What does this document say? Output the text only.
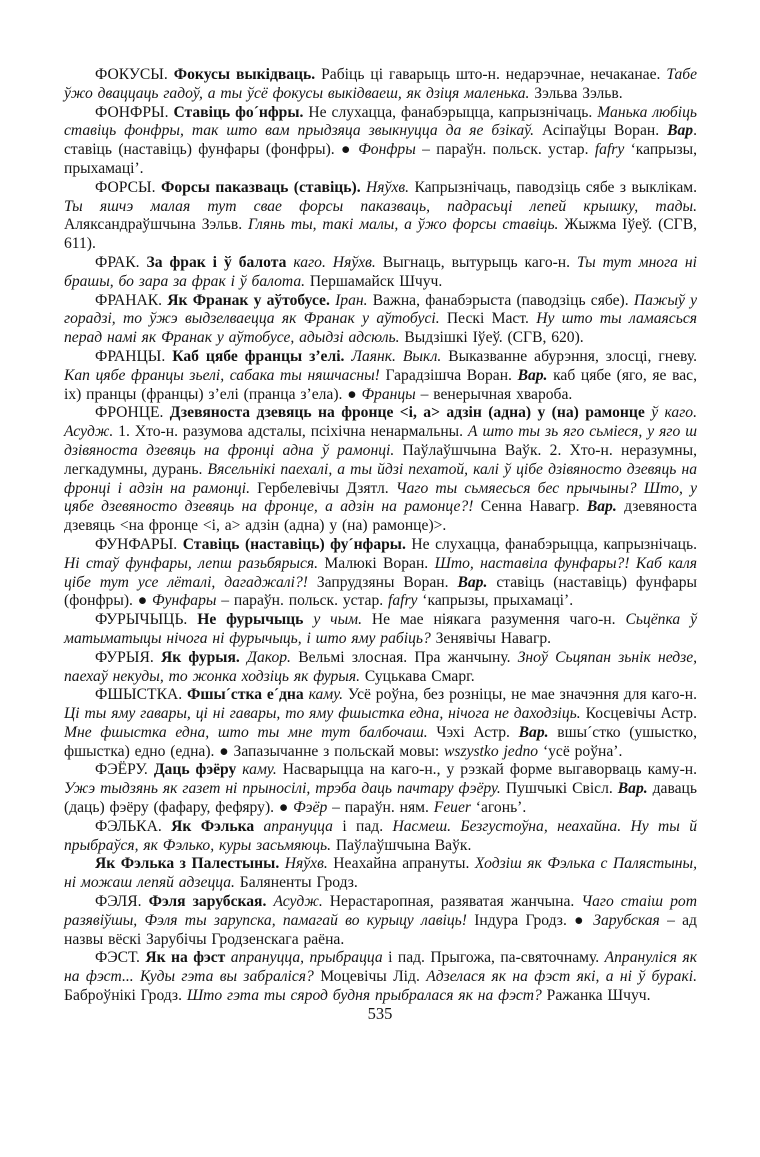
ФОКУСЫ. Фокусы выкідваць. Рабіць ці гаварыць што-н. недарэчнае, нечаканае. Табе ўжо дваццаць гадоў, а ты ўсё фокусы выкідваеш, як дзіця маленька. Зэльва Зэльв.

ФОНФРЫ. Ставіць фо´нфры. Не слухацца, фанабэрыцца, капрызнічаць. Манька любіць ставіць фонфры, так што вам прыдзяца звыкнуцца да яе бзікаў. Асіпаўцы Воран. Вар. ставіць (наставіць) фунфары (фонфры). ● Фонфры – параўн. польск. устар. fafry ‘капрызы, прыхамаці’.

ФОРСЫ. Форсы паказваць (ставіць). Няўхв. Капрызнічаць, паводзіць сябе з выклікам. Ты яшчэ малая тут свае форсы паказваць, падрасьці лепей крышку, тады. Аляксандраўшчына Зэльв. Глянь ты, такі малы, а ўжо форсы ставіць. Жыжма Іўеў. (СГВ, 611).

ФРАК. За фрак і ў балота каго. Няўхв. Выгнаць, вытурыць каго-н. Ты тут многа ні брашы, бо зара за фрак і ў балота. Першамайск Шчуч.

ФРАНАК. Як Франак у аўтобусе. Іран. Важна, фанабэрыста (паводзіць сябе). Пажыў у горадзі, то ўжэ выдзелваецца як Франак у аўтобусі. Пескі Маст. Ну што ты ламаясься перад намі як Франак у аўтобусе, адыдзі адсюль. Выдзішкі Іўеў. (СГВ, 620).

ФРАНЦЫ. Каб цябе францы з’елі. Лаянк. Выкл. Выказванне абурэння, злосці, гневу. Кап цябе францы зьелі, сабака ты няшчасны! Гарадзішча Воран. Вар. каб цябе (яго, яе вас, іх) пранцы (францы) з’елі (пранца з’ела). ● Францы – венерычная хвароба.

ФРОНЦЕ. Дзевяноста дзевяць на фронце <і, а> адзін (адна) у (на) рамонце ў каго. Асудж. 1. Хто-н. разумова адсталы, псіхічна ненармальны. А што ты зь яго сьміеся, у яго ш дзівяноста дзевяць на фронці адна ў рамонці. Паўлаўшчына Ваўк. 2. Хто-н. неразумны, легкадумны, дурань. Вясельнікі паехалі, а ты йдзі пехатой, калі ў цібе дзівяносто дзевяць на фронці і адзін на рамонці. Гербелевічы Дзятл. Чаго ты сьмяесься бес прычыны? Што, у цябе дзевяносто дзевяць на фронце, а адзін на рамонце?! Сенна Навагр. Вар. дзевяноста дзевяць <на фронце <і, а> адзін (адна) у (на) рамонце)>.

ФУНФАРЫ. Ставіць (наставіць) фу´нфары. Не слухацца, фанабэрыцца, капрызнічаць. Ні стаў фунфары, лепш разьбярыся. Малюкі Воран. Што, наставіла фунфары?! Каб каля цібе тут усе лёталі, дагаджалі?! Запрудзяны Воран. Вар. ставіць (наставіць) фунфары (фонфры). ● Фунфары – параўн. польск. устар. fafry ‘капрызы, прыхамаці’.

ФУРЫЧЫЦЬ. Не фурычыць у чым. Не мае ніякага разумення чаго-н. Сьцёпка ў матыматыцы нічога ні фурычыць, і што яму рабіць? Зенявічы Навагр.

ФУРЫЯ. Як фурыя. Дакор. Вельмі злосная. Пра жанчыну. Зноў Сьцяпан зьнік недзе, паехаў некуды, то жонка ходзіць як фурыя. Суцькава Смарг.

ФШЫСТКА. Фшы´стка е´дна каму. Усё роўна, без розніцы, не мае значэння для каго-н. Ці ты яму гавары, ці ні гавары, то яму фшыстка една, нічога не даходзіць. Косцевічы Астр. Мне фшыстка една, што ты мне тут балбочаш. Чэхі Астр. Вар. вшы´стко (ушыстко, фшыстка) едно (една). ● Запазычанне з польскай мовы: wszystko jedno ‘усё роўна’.

ФЭЁРУ. Даць фэёру каму. Насварыцца на каго-н., у рэзкай форме выгаворваць каму-н. Ужэ тыдзянь як газет ні прыносілі, трэба даць пачтару фэёру. Пушчыкі Свісл. Вар. даваць (даць) фэёру (фафару, фефяру). ● Фэёр – параўн. ням. Feuer ‘агонь’.

ФЭЛЬКА. Як Фэлька апрануцца і пад. Насмеш. Безгустоўна, неахайна. Ну ты й прыбраўся, як Фэлько, куры засьмяюць. Паўлаўшчына Ваўк.

Як Фэлька з Палестыны. Няўхв. Неахайна апрануты. Ходзіш як Фэлька с Палястыны, ні можаш лепяй адзецца. Баляненты Гродз.

ФЭЛЯ. Фэля зарубская. Асудж. Нерастаропная, разяватая жанчына. Чаго стаіш рот разявіўшы, Фэля ты зарупска, памагай во курыцу лавіць! Індура Гродз. ● Зарубская – ад назвы вёскі Зарубічы Гродзенскага раёна.

ФЭСТ. Як на фэст апрануцца, прыбрацца і пад. Прыгожа, па-святочнаму. Апрануліся як на фэст... Куды гэта вы забраліся? Моцевічы Лід. Адзелася як на фэст які, а ні ў буракі. Баброўнікі Гродз. Што гэта ты сярод будня прыбралася як на фэст? Ражанка Шчуч.

535
